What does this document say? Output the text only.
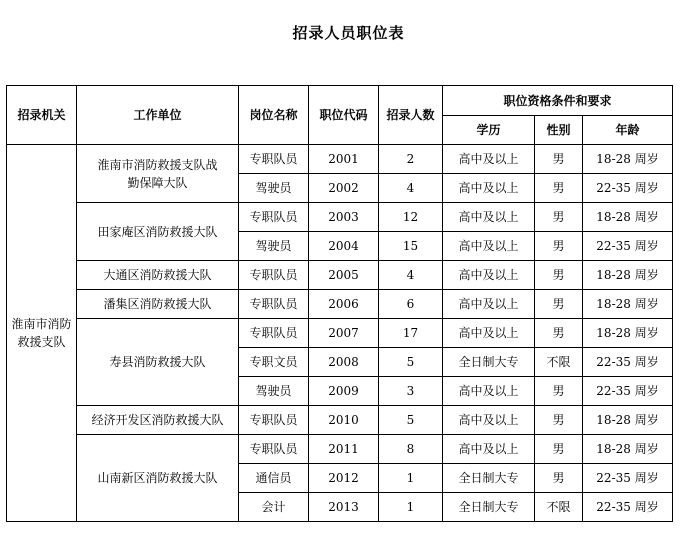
招录人员职位表
招录机关	工作单位	岗位名称	职位代码	招录人数	职位资格条件和要求		
					学历	性别	年龄
淮南市消防救援支队	淮南市消防救援支队战勤保障大队	专职队员	2001	2	高中及以上	男	18-28 周岁
		驾驶员	2002	4	高中及以上	男	22-35 周岁
	田家庵区消防救援大队	专职队员	2003	12	高中及以上	男	18-28 周岁
		驾驶员	2004	15	高中及以上	男	22-35 周岁
	大通区消防救援大队	专职队员	2005	4	高中及以上	男	18-28 周岁
	潘集区消防救援大队	专职队员	2006	6	高中及以上	男	18-28 周岁
	寿县消防救援大队	专职队员	2007	17	高中及以上	男	18-28 周岁
		专职文员	2008	5	全日制大专	不限	22-35 周岁
		驾驶员	2009	3	高中及以上	男	22-35 周岁
	经济开发区消防救援大队	专职队员	2010	5	高中及以上	男	18-28 周岁
	山南新区消防救援大队	专职队员	2011	8	高中及以上	男	18-28 周岁
		通信员	2012	1	全日制大专	男	22-35 周岁
		会计	2013	1	全日制大专	不限	22-35 周岁
